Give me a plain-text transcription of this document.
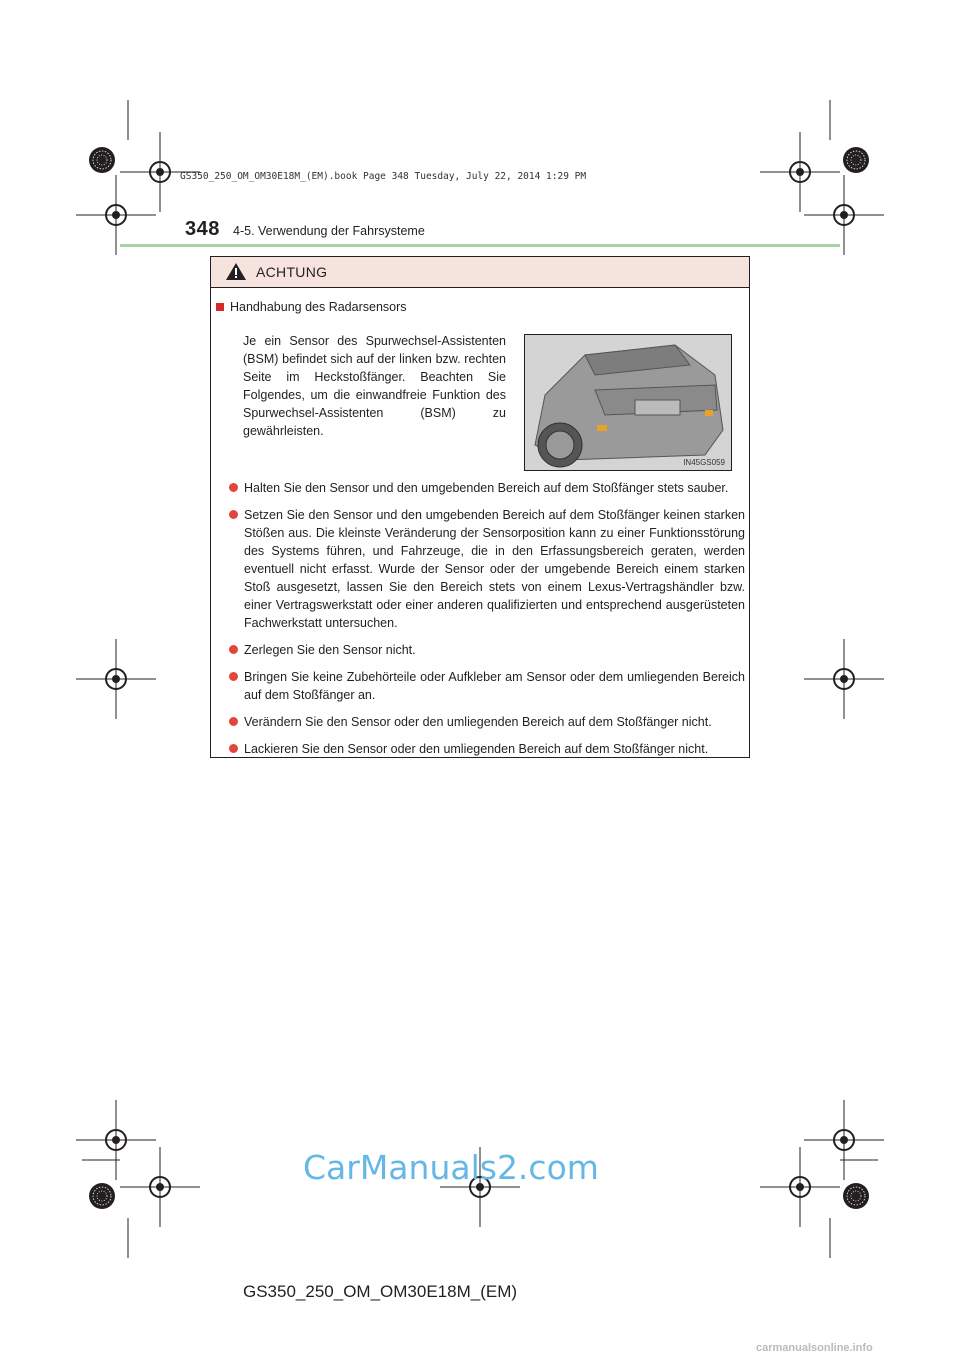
GS350_250_OM_OM30E18M_(EM).book Page 348 Tuesday, July 22, 2014 1:29 PM
348 4-5. Verwendung der Fahrsysteme
ACHTUNG
Handhabung des Radarsensors
Je ein Sensor des Spurwechsel-Assistenten (BSM) befindet sich auf der linken bzw. rechten Seite im Heckstoßfänger. Beachten Sie Folgendes, um die einwandfreie Funktion des Spurwechsel-Assistenten (BSM) zu gewährleisten.
IN45GS059
Halten Sie den Sensor und den umgebenden Bereich auf dem Stoßfänger stets sauber.
Setzen Sie den Sensor und den umgebenden Bereich auf dem Stoßfänger keinen starken Stößen aus. Die kleinste Veränderung der Sensorposition kann zu einer Funktionsstörung des Systems führen, und Fahrzeuge, die in den Erfassungsbereich geraten, werden eventuell nicht erfasst. Wurde der Sensor oder der umgebende Bereich einem starken Stoß ausgesetzt, lassen Sie den Bereich stets von einem Lexus-Vertragshändler bzw. einer Vertragswerkstatt oder einer anderen qualifizierten und entsprechend ausgerüsteten Fachwerkstatt untersuchen.
Zerlegen Sie den Sensor nicht.
Bringen Sie keine Zubehörteile oder Aufkleber am Sensor oder dem umliegenden Bereich auf dem Stoßfänger an.
Verändern Sie den Sensor oder den umliegenden Bereich auf dem Stoßfänger nicht.
Lackieren Sie den Sensor oder den umliegenden Bereich auf dem Stoßfänger nicht.
CarManuals2.com
GS350_250_OM_OM30E18M_(EM)
carmanualsonline.info
